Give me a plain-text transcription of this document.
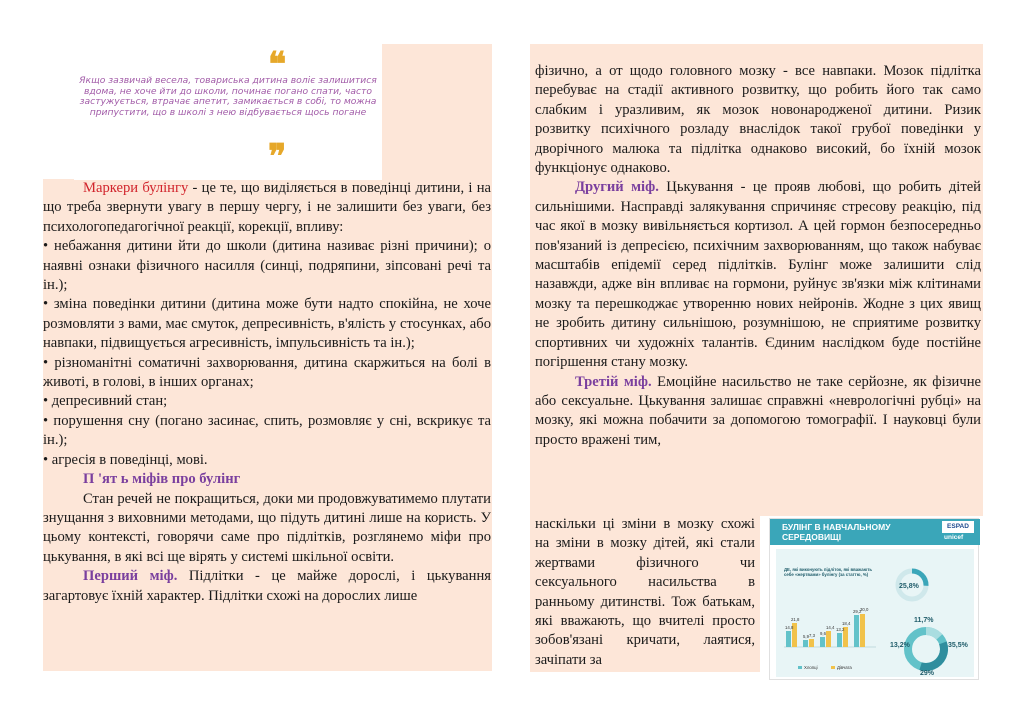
❝
Якщо зазвичай весела, товариська дитина воліє залишитися вдома, не хоче йти до школи, починає погано спати, часто застужується, втрачає апетит, замикається в собі, то можна припустити, що в школі з нею відбувається щось погане
❞
Маркери булінгу - це те, що виділяється в поведінці дитини, і на що треба звернути увагу в першу чергу, і не залишити без уваги, без психологопедагогічної реакції, корекції, впливу:
• небажання дитини йти до школи (дитина називає різні причини); о наявні ознаки фізичного насилля (синці, подряпини, зіпсовані речі та ін.);
• зміна поведінки дитини (дитина може бути надто спокійна, не хоче розмовляти з вами, має смуток, депресивність, в'ялість у стосунках, або навпаки, підвищується агресивність, імпульсивність та ін.);
• різноманітні соматичні захворювання, дитина скаржиться на болі в животі, в голові, в інших органах;
• депресивний стан;
• порушення сну (погано засинає, спить, розмовляє у сні, вскрикує та ін.);
• агресія в поведінці, мові.
П 'ят ь міфів про булінг
Стан речей не покращиться, доки ми продовжуватимемо плутати знущання з виховними методами, що підуть дитині лише на користь. У цьому контексті, говорячи саме про підлітків, розглянемо міфи про цькування, в які всі ще вірять у системі шкільної освіти.
Перший міф. Підлітки - це майже дорослі, і цькування загартовує їхній характер. Підлітки схожі на дорослих лише
фізично, а от щодо головного мозку - все навпаки. Мозок підлітка перебуває на стадії активного розвитку, що робить його так само слабким і уразливим, як мозок новонародженої дитини. Ризик розвитку психічного розладу внаслідок такої грубої поведінки у дворічного малюка та підлітка однаково високий, бо їхній мозок функціонує однаково.
Другий міф. Цькування - це прояв любові, що робить дітей сильнішими. Насправді залякування спричиняє стресову реакцію, під час якої в мозку вивільняється кортизол. А цей гормон безпосередньо пов'язаний із депресією, психічним захворюванням, що також набуває масштабів епідемії серед підлітків. Булінг може залишити слід назавжди, адже він впливає на гормони, руйнує зв'язки між клітинами мозку та перешкоджає утворенню нових нейронів. Жодне з цих явищ не зробить дитину сильнішою, розумнішою, не сприятиме розвитку спортивних чи художніх талантів. Єдиним наслідком буде постійне погіршення стану мозку.
Третій міф. Емоційне насильство не таке серйозне, як фізичне або сексуальне. Цькування залишає справжні «неврологічні рубці» на мозку, які можна побачити за допомогою томографії. І науковці були просто вражені тим,
наскільки ці зміни в мозку схожі на зміни в мозку дітей, які стали жертвами фізичного чи сексуального насильства в ранньому дитинстві. Тож батькам, які вважають, що вчителі просто зобов'язані кричати, лаятися, зачіпати за
БУЛІНГ В НАВЧАЛЬНОМУ СЕРЕДОВИЩІ
ESPAD
unicef
ДЕ, які виконують підліток, які вважають себе «жертвами» булінгу (за статтю, %)
14,8
21,8
5,9 7,3 9,6
14,4 13,2
18,4
29,2
30,0
Хлопці	Дівчата
25,8%
11,7%
13,2%	35,5%
29%
